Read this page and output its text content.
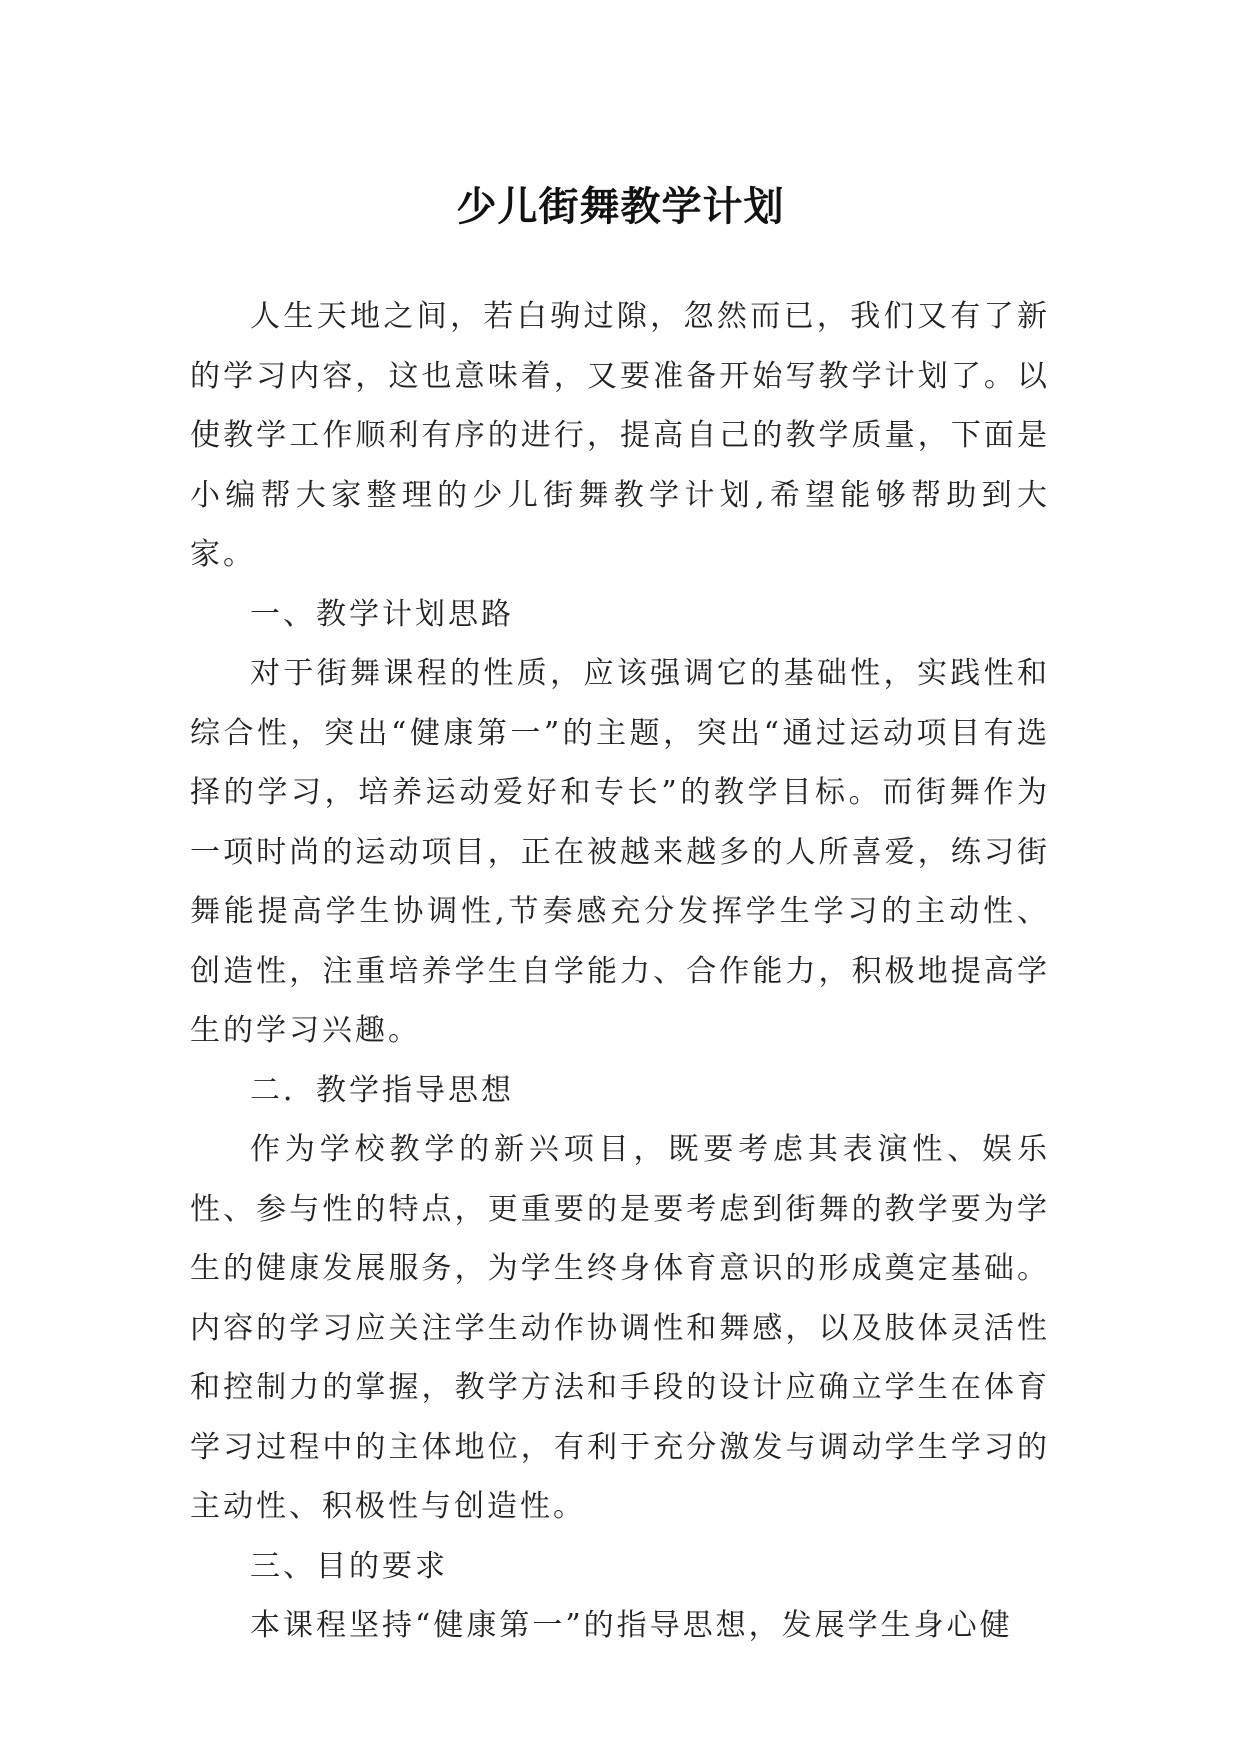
少儿街舞教学计划

人生天地之间，若白驹过隙，忽然而已，我们又有了新的学习内容，这也意味着，又要准备开始写教学计划了。以使教学工作顺利有序的进行，提高自己的教学质量，下面是小编帮大家整理的少儿街舞教学计划,希望能够帮助到大家。

一、教学计划思路

对于街舞课程的性质，应该强调它的基础性，实践性和综合性，突出“健康第一”的主题，突出“通过运动项目有选择的学习，培养运动爱好和专长”的教学目标。而街舞作为一项时尚的运动项目，正在被越来越多的人所喜爱，练习街舞能提高学生协调性,节奏感充分发挥学生学习的主动性、创造性，注重培养学生自学能力、合作能力，积极地提高学生的学习兴趣。

二．教学指导思想

作为学校教学的新兴项目，既要考虑其表演性、娱乐性、参与性的特点，更重要的是要考虑到街舞的教学要为学生的健康发展服务，为学生终身体育意识的形成奠定基础。内容的学习应关注学生动作协调性和舞感，以及肢体灵活性和控制力的掌握，教学方法和手段的设计应确立学生在体育学习过程中的主体地位，有利于充分激发与调动学生学习的主动性、积极性与创造性。

三、目的要求

本课程坚持“健康第一”的指导思想，发展学生身心健
